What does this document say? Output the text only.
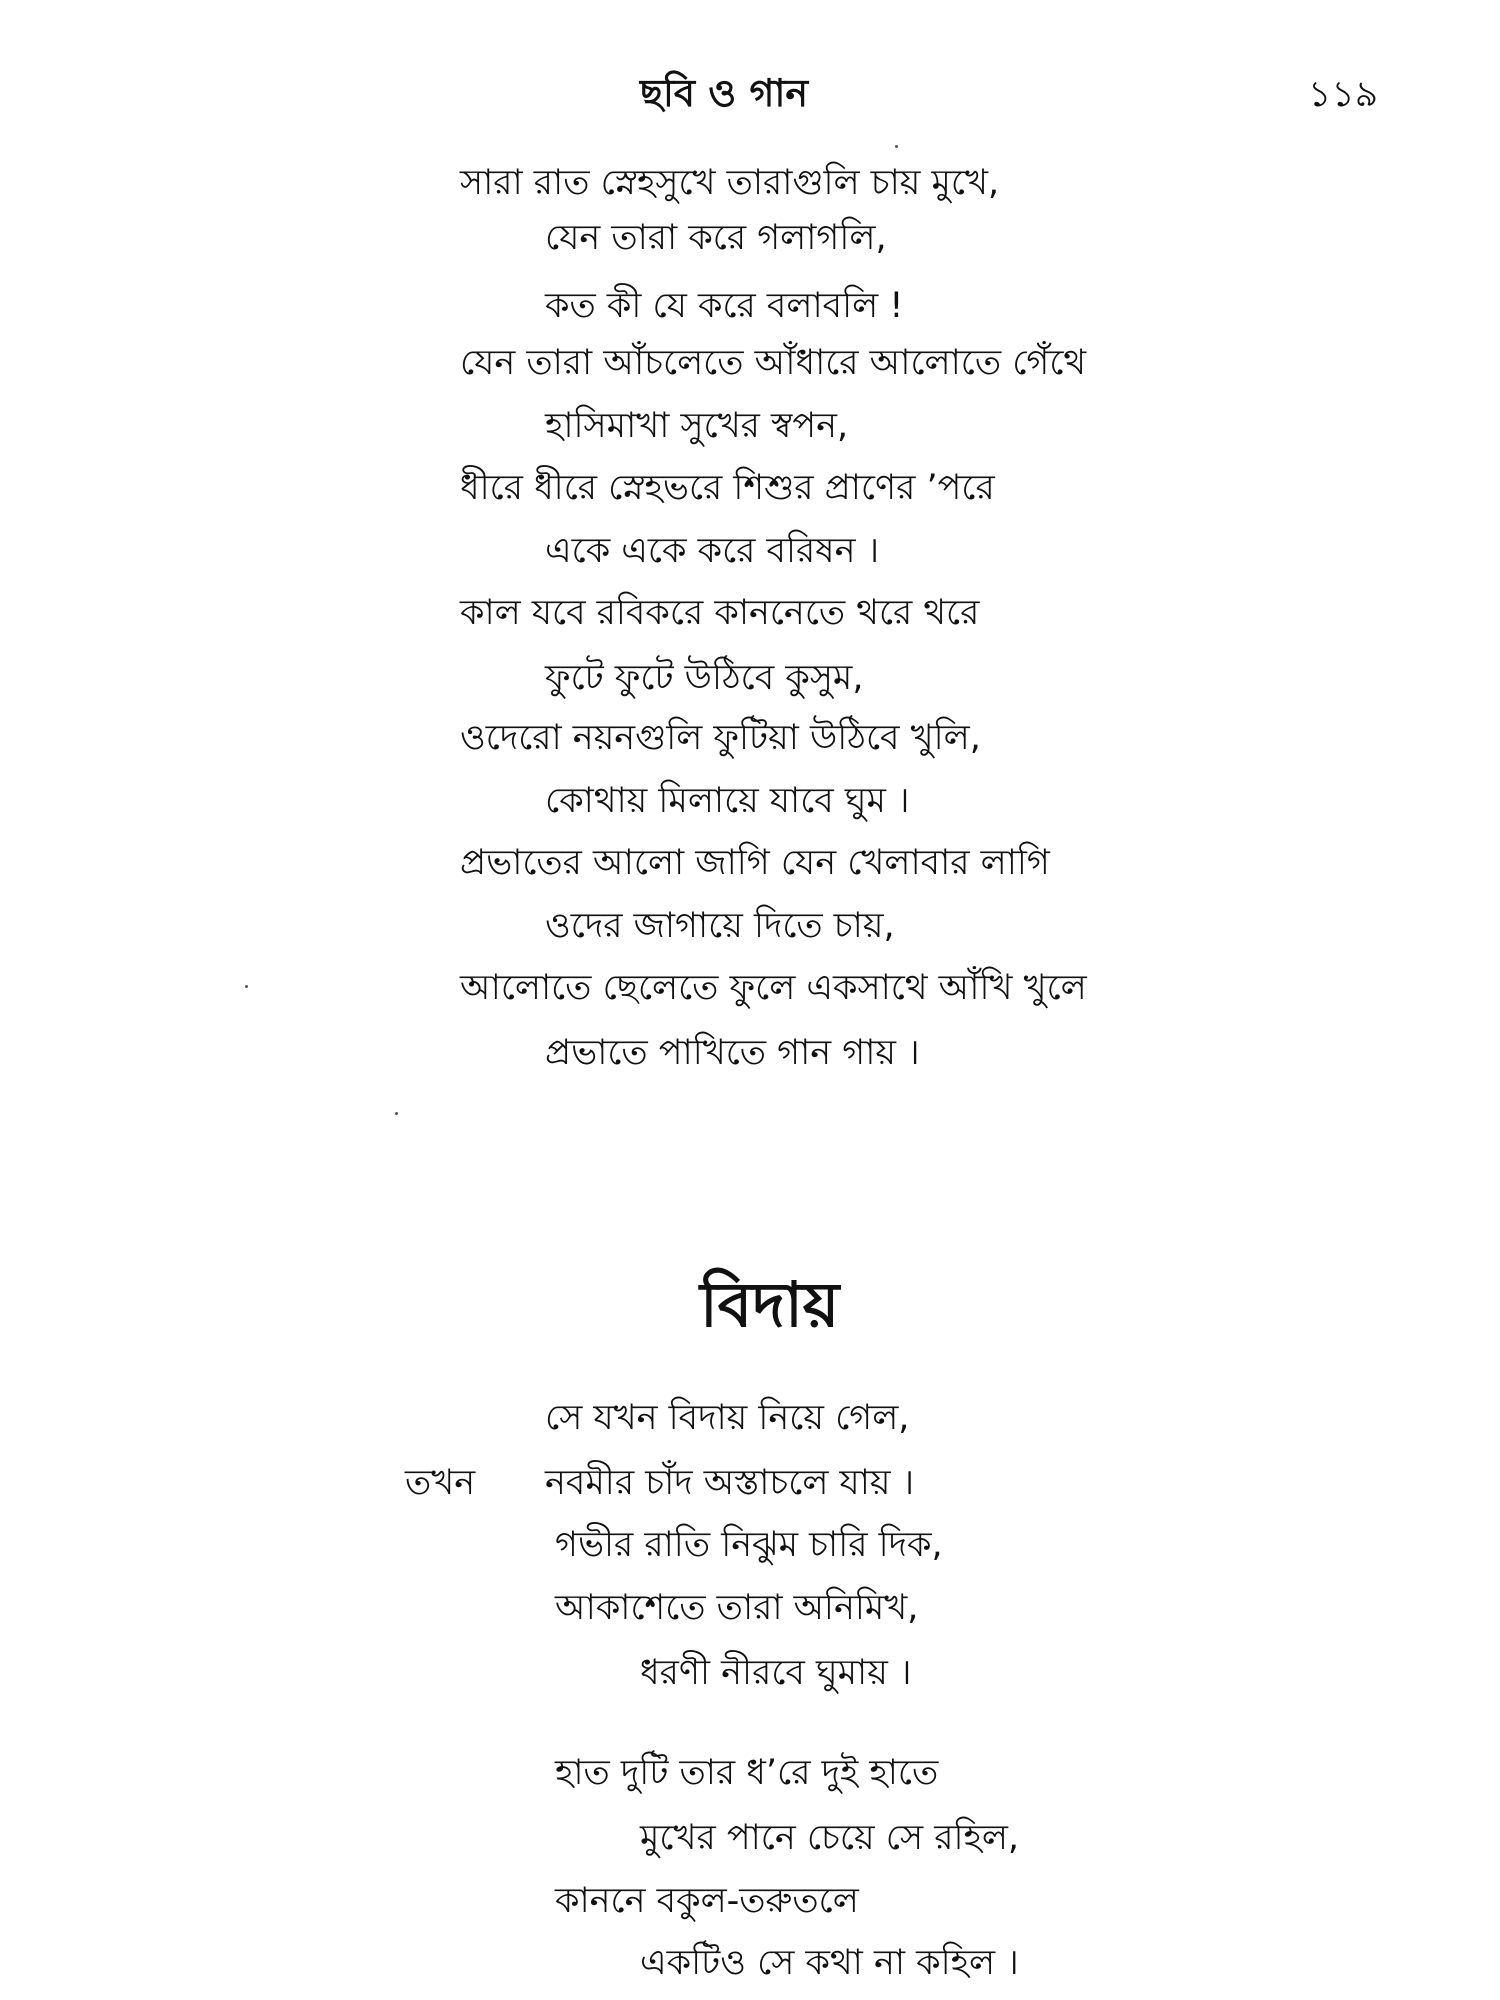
ছবি ও গান	১১৯
সারা রাত স্নেহসুখে তারাগুলি চায় মুখে,
যেন তারা করে গলাগলি,
কত কী যে করে বলাবলি !
যেন তারা আঁচলেতে আঁধারে আলোতে গেঁথে
হাসিমাখা সুখের স্বপন,
ধীরে ধীরে স্নেহভরে শিশুর প্রাণের ’পরে
একে একে করে বরিষন ।
কাল যবে রবিকরে কাননেতে থরে থরে
ফুটে ফুটে উঠিবে কুসুম,
ওদেরো নয়নগুলি ফুটিয়া উঠিবে খুলি,
কোথায় মিলায়ে যাবে ঘুম ।
প্রভাতের আলো জাগি যেন খেলাবার লাগি
ওদের জাগায়ে দিতে চায়,
আলোতে ছেলেতে ফুলে একসাথে আঁখি খুলে
প্রভাতে পাখিতে গান গায় ।
বিদায়
সে যখন বিদায় নিয়ে গেল,
তখন নবমীর চাঁদ অস্তাচলে যায় ।
গভীর রাতি নিঝুম চারি দিক,
আকাশেতে তারা অনিমিখ,
ধরণী নীরবে ঘুমায় ।
হাত দুটি তার ধ’রে দুই হাতে
মুখের পানে চেয়ে সে রহিল,
কাননে বকুল-তরুতলে
একটিও সে কথা না কহিল ।
